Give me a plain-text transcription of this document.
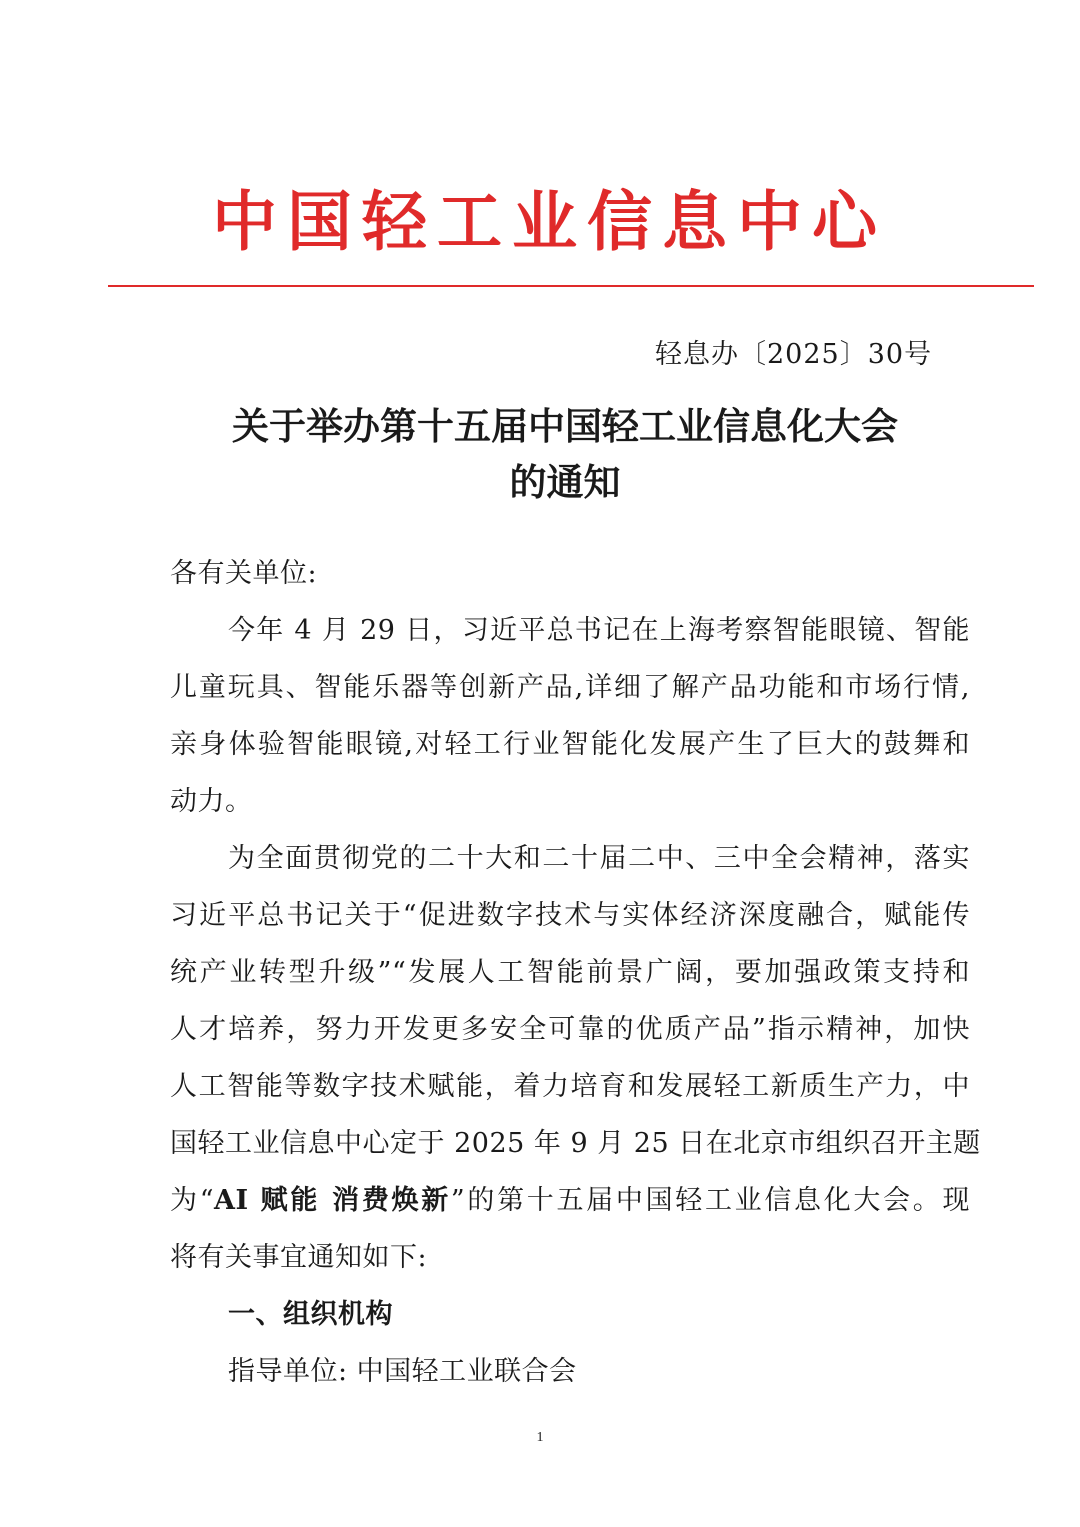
中国轻工业信息中心
轻息办〔2025〕30号
关于举办第十五届中国轻工业信息化大会
的通知
各有关单位:
今年 4 月 29 日，习近平总书记在上海考察智能眼镜、智能
儿童玩具、智能乐器等创新产品,详细了解产品功能和市场行情,
亲身体验智能眼镜,对轻工行业智能化发展产生了巨大的鼓舞和
动力。
为全面贯彻党的二十大和二十届二中、三中全会精神，落实
习近平总书记关于“促进数字技术与实体经济深度融合，赋能传
统产业转型升级”“发展人工智能前景广阔，要加强政策支持和
人才培养，努力开发更多安全可靠的优质产品”指示精神，加快
人工智能等数字技术赋能，着力培育和发展轻工新质生产力，中
国轻工业信息中心定于 2025 年 9 月 25 日在北京市组织召开主题
为“AI 赋能 消费焕新”的第十五届中国轻工业信息化大会。现
将有关事宜通知如下:
一、组织机构
指导单位: 中国轻工业联合会
1
